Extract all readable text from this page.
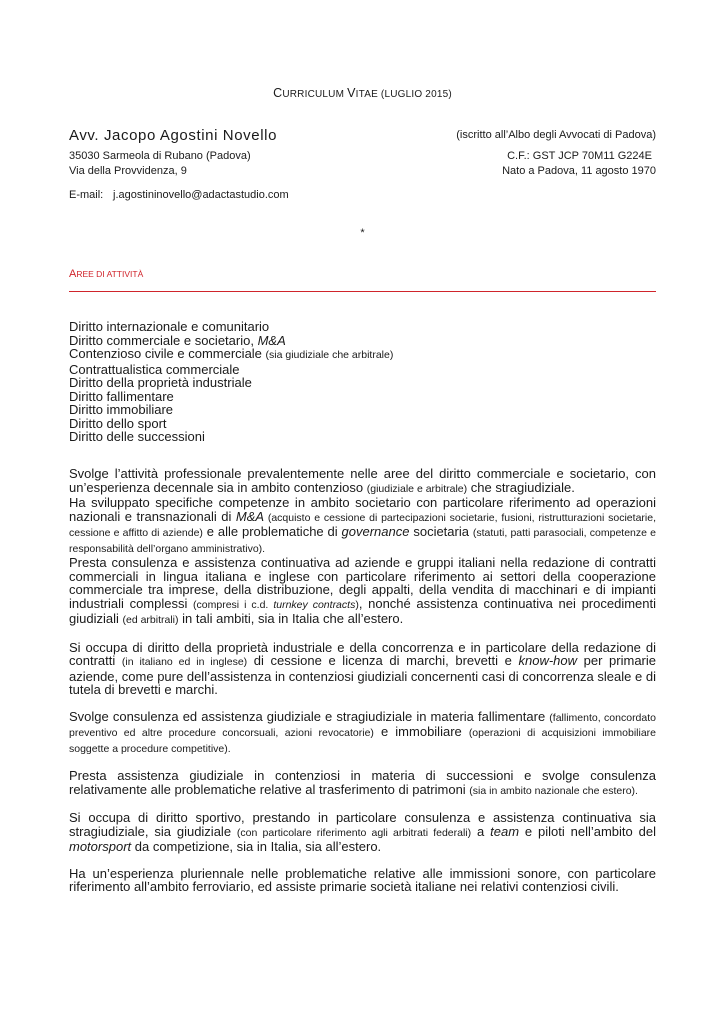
CURRICULUM VITAE (LUGLIO 2015)
Avv. Jacopo Agostini Novello	(iscritto all’Albo degli Avvocati di Padova)
35030 Sarmeola di Rubano (Padova)	C.F.: GST JCP 70M11 G224E
Via della Provvidenza, 9	Nato a Padova, 11 agosto 1970
E-mail: j.agostininovello@adactastudio.com
*
AREE DI ATTIVITÀ
Diritto internazionale e comunitario
Diritto commerciale e societario, M&A
Contenzioso civile e commerciale (sia giudiziale che arbitrale)
Contrattualistica commerciale
Diritto della proprietà industriale
Diritto fallimentare
Diritto immobiliare
Diritto dello sport
Diritto delle successioni

Svolge l’attività professionale prevalentemente nelle aree del diritto commerciale e societario, con un’esperienza decennale sia in ambito contenzioso (giudiziale e arbitrale) che stragiudiziale.

Ha sviluppato specifiche competenze in ambito societario con particolare riferimento ad operazioni nazionali e transnazionali di M&A (acquisto e cessione di partecipazioni societarie, fusioni, ristrutturazioni societarie, cessione e affitto di aziende) e alle problematiche di governance societaria (statuti, patti parasociali, competenze e responsabilità dell’organo amministrativo).

Presta consulenza e assistenza continuativa ad aziende e gruppi italiani nella redazione di contratti commerciali in lingua italiana e inglese con particolare riferimento ai settori della cooperazione commerciale tra imprese, della distribuzione, degli appalti, della vendita di macchinari e di impianti industriali complessi (compresi i c.d. turnkey contracts), nonché assistenza continuativa nei procedimenti giudiziali (ed arbitrali) in tali ambiti, sia in Italia che all’estero.

Si occupa di diritto della proprietà industriale e della concorrenza e in particolare della redazione di contratti (in italiano ed in inglese) di cessione e licenza di marchi, brevetti e know-how per primarie aziende, come pure dell’assistenza in contenziosi giudiziali concernenti casi di concorrenza sleale e di tutela di brevetti e marchi.

Svolge consulenza ed assistenza giudiziale e stragiudiziale in materia fallimentare (fallimento, concordato preventivo ed altre procedure concorsuali, azioni revocatorie) e immobiliare (operazioni di acquisizioni immobiliare soggette a procedure competitive).

Presta assistenza giudiziale in contenziosi in materia di successioni e svolge consulenza relativamente alle problematiche relative al trasferimento di patrimoni (sia in ambito nazionale che estero).

Si occupa di diritto sportivo, prestando in particolare consulenza e assistenza continuativa sia stragiudiziale, sia giudiziale (con particolare riferimento agli arbitrati federali) a team e piloti nell’ambito del motorsport da competizione, sia in Italia, sia all’estero.

Ha un’esperienza pluriennale nelle problematiche relative alle immissioni sonore, con particolare riferimento all’ambito ferroviario, ed assiste primarie società italiane nei relativi contenziosi civili.
